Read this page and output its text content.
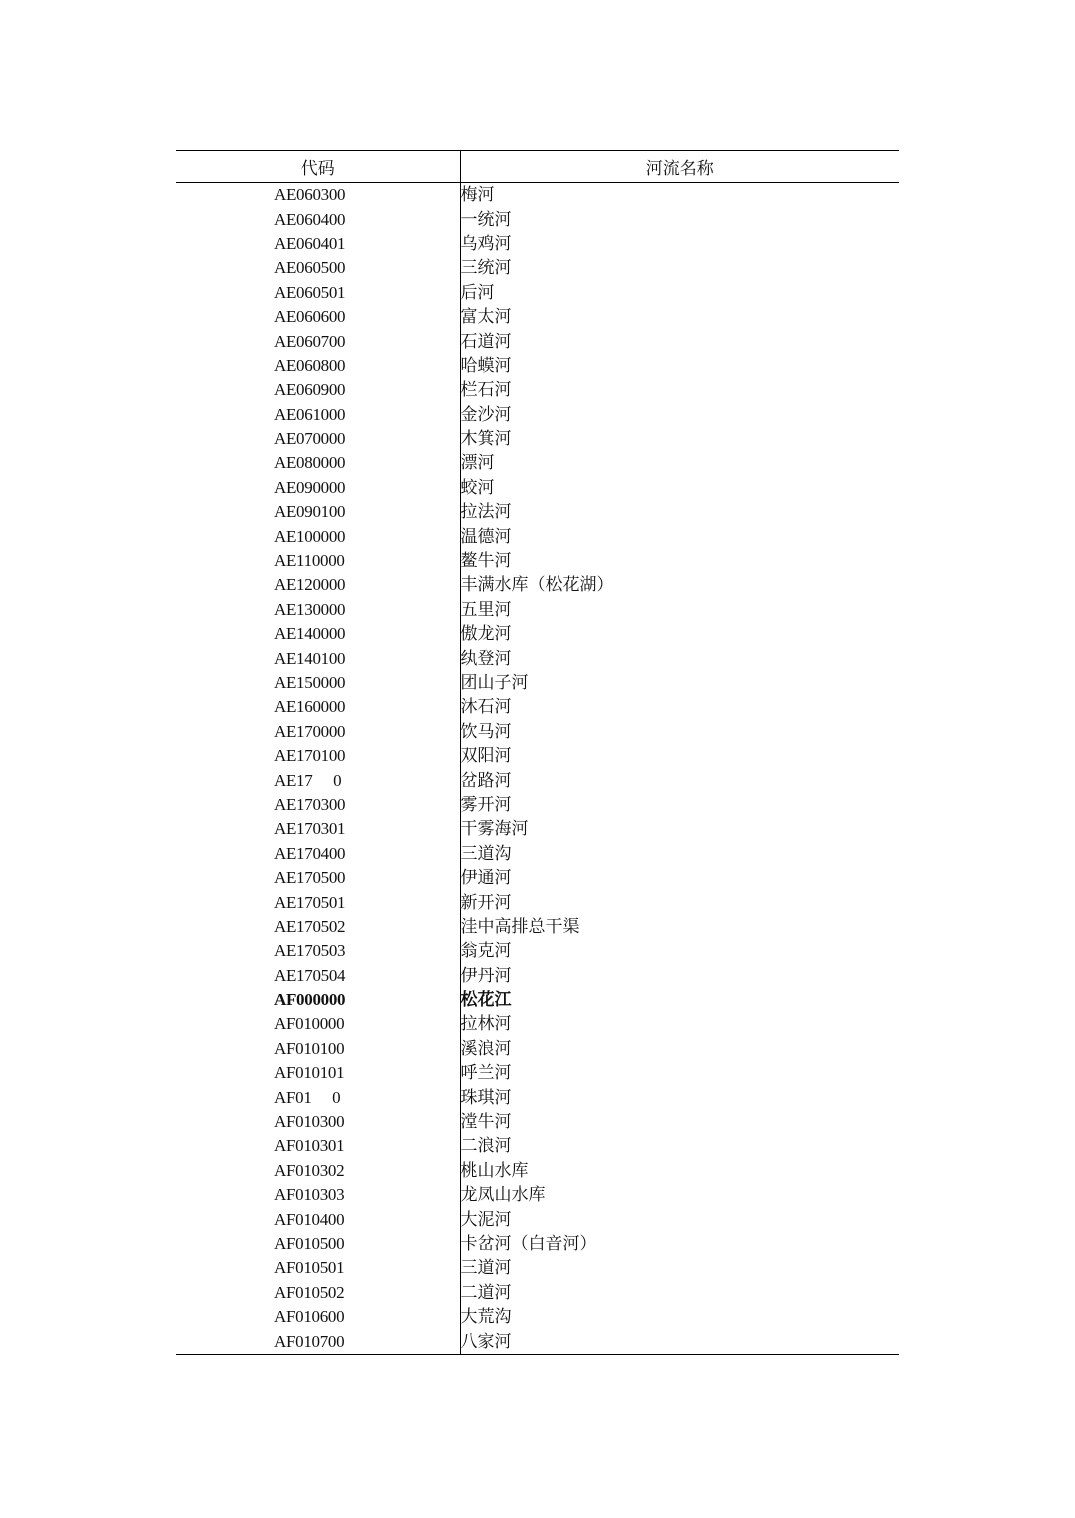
代码	河流名称
AE060300	梅河
AE060400	一统河
AE060401	乌鸡河
AE060500	三统河
AE060501	后河
AE060600	富太河
AE060700	石道河
AE060800	哈蟆河
AE060900	栏石河
AE061000	金沙河
AE070000	木箕河
AE080000	漂河
AE090000	蛟河
AE090100	拉法河
AE100000	温德河
AE110000	鳌牛河
AE120000	丰满水库（松花湖）
AE130000	五里河
AE140000	傲龙河
AE140100	纨登河
AE150000	团山子河
AE160000	沐石河
AE170000	饮马河
AE170100	双阳河
AE17　 0	岔路河
AE170300	雾开河
AE170301	干雾海河
AE170400	三道沟
AE170500	伊通河
AE170501	新开河
AE170502	洼中高排总干渠
AE170503	翁克河
AE170504	伊丹河
AF000000	松花江
AF010000	拉林河
AF010100	溪浪河
AF010101	呼兰河
AF01　 0	珠琪河
AF010300	漟牛河
AF010301	二浪河
AF010302	桃山水库
AF010303	龙凤山水库
AF010400	大泥河
AF010500	卡岔河（白音河）
AF010501	三道河
AF010502	二道河
AF010600	大荒沟
AF010700	八家河
